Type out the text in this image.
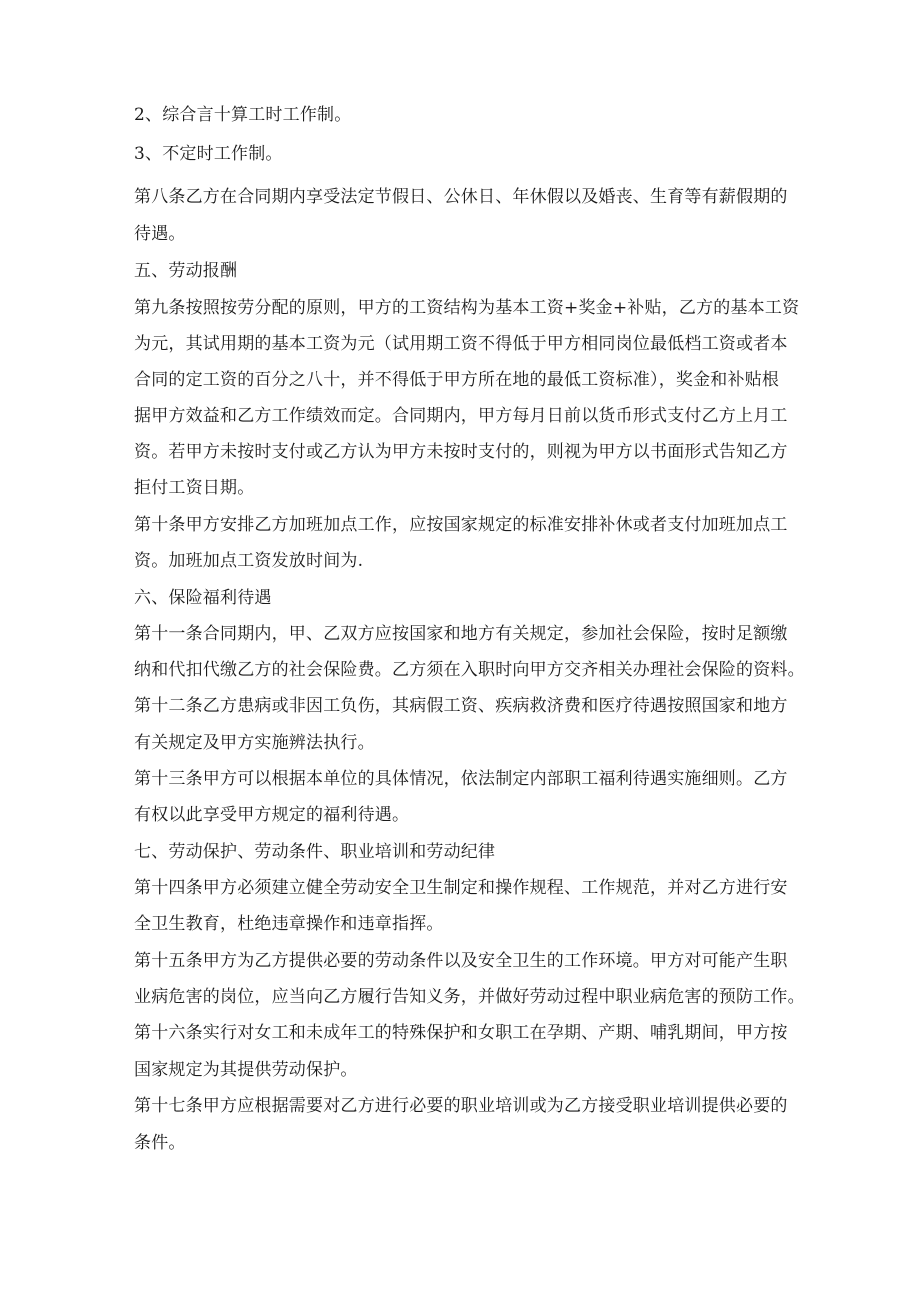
2、综合言十算工时工作制。
3、不定时工作制。
第八条乙方在合同期内享受法定节假日、公休日、年休假以及婚丧、生育等有薪假期的
待遇。
五、劳动报酬
第九条按照按劳分配的原则，甲方的工资结构为基本工资+奖金+补贴，乙方的基本工资
为元，其试用期的基本工资为元（试用期工资不得低于甲方相同岗位最低档工资或者本
合同的定工资的百分之八十，并不得低于甲方所在地的最低工资标准），奖金和补贴根
据甲方效益和乙方工作绩效而定。合同期内，甲方每月日前以货币形式支付乙方上月工
资。若甲方未按时支付或乙方认为甲方未按时支付的，则视为甲方以书面形式告知乙方
拒付工资日期。
第十条甲方安排乙方加班加点工作，应按国家规定的标准安排补休或者支付加班加点工
资。加班加点工资发放时间为.
六、保险福利待遇
第十一条合同期内，甲、乙双方应按国家和地方有关规定，参加社会保险，按时足额缴
纳和代扣代缴乙方的社会保险费。乙方须在入职时向甲方交齐相关办理社会保险的资料。
第十二条乙方患病或非因工负伤，其病假工资、疾病救济费和医疗待遇按照国家和地方
有关规定及甲方实施辨法执行。
第十三条甲方可以根据本单位的具体情况，依法制定内部职工福利待遇实施细则。乙方
有权以此享受甲方规定的福利待遇。
七、劳动保护、劳动条件、职业培训和劳动纪律
第十四条甲方必须建立健全劳动安全卫生制定和操作规程、工作规范，并对乙方进行安
全卫生教育，杜绝违章操作和违章指挥。
第十五条甲方为乙方提供必要的劳动条件以及安全卫生的工作环境。甲方对可能产生职
业病危害的岗位，应当向乙方履行告知义务，并做好劳动过程中职业病危害的预防工作。
第十六条实行对女工和未成年工的特殊保护和女职工在孕期、产期、哺乳期间，甲方按
国家规定为其提供劳动保护。
第十七条甲方应根据需要对乙方进行必要的职业培训或为乙方接受职业培训提供必要的
条件。
